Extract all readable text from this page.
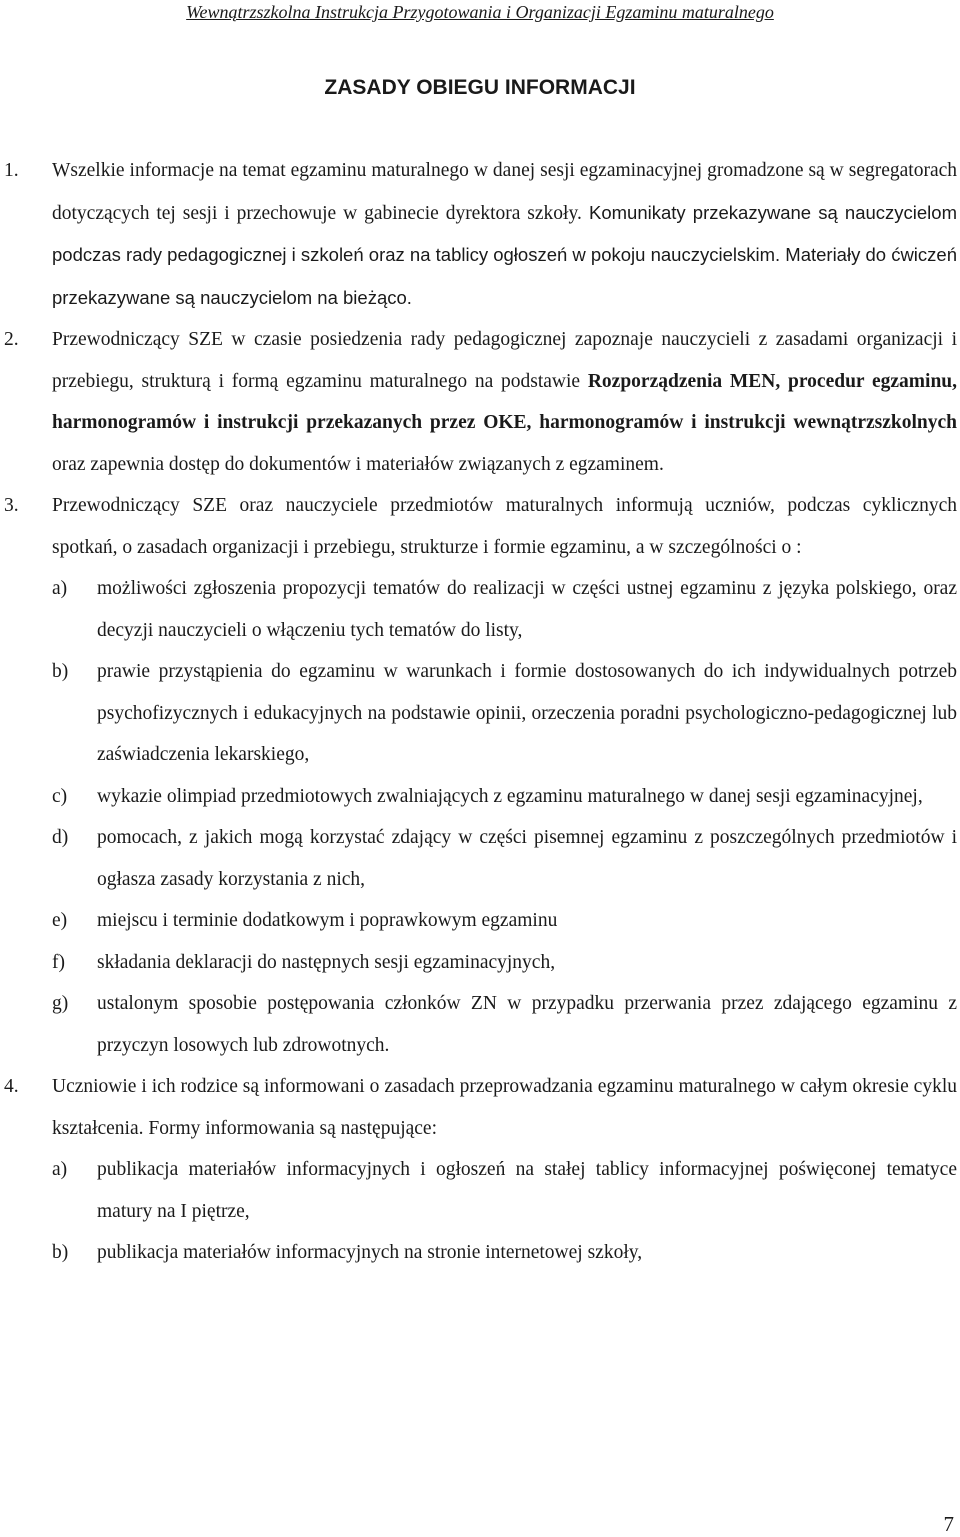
Wewnątrzszkolna Instrukcja Przygotowania i Organizacji Egzaminu maturalnego
ZASADY OBIEGU INFORMACJI
1. Wszelkie informacje na temat egzaminu maturalnego w danej sesji egzaminacyjnej gromadzone są w segregatorach dotyczących tej sesji i przechowuje w gabinecie dyrektora szkoły. Komunikaty przekazywane są nauczycielom podczas rady pedagogicznej i szkoleń oraz na tablicy ogłoszeń w pokoju nauczycielskim. Materiały do ćwiczeń przekazywane są nauczycielom na bieżąco.
2. Przewodniczący SZE w czasie posiedzenia rady pedagogicznej zapoznaje nauczycieli z zasadami organizacji i przebiegu, strukturą i formą egzaminu maturalnego na podstawie Rozporządzenia MEN, procedur egzaminu, harmonogramów i instrukcji przekazanych przez OKE, harmonogramów i instrukcji wewnątrzszkolnych oraz zapewnia dostęp do dokumentów i materiałów związanych z egzaminem.
3. Przewodniczący SZE oraz nauczyciele przedmiotów maturalnych informują uczniów, podczas cyklicznych spotkań, o zasadach organizacji i przebiegu, strukturze i formie egzaminu, a w szczególności o :
a) możliwości zgłoszenia propozycji tematów do realizacji w części ustnej egzaminu z języka polskiego, oraz decyzji nauczycieli o włączeniu tych tematów do listy,
b) prawie przystąpienia do egzaminu w warunkach i formie dostosowanych do ich indywidualnych potrzeb psychofizycznych i edukacyjnych na podstawie opinii, orzeczenia poradni psychologiczno-pedagogicznej lub zaświadczenia lekarskiego,
c) wykazie olimpiad przedmiotowych zwalniających z egzaminu maturalnego w danej sesji egzaminacyjnej,
d) pomocach, z jakich mogą korzystać zdający w części pisemnej egzaminu z poszczególnych przedmiotów i ogłasza zasady korzystania z nich,
e) miejscu i terminie dodatkowym i poprawkowym egzaminu
f) składania deklaracji do następnych sesji egzaminacyjnych,
g) ustalonym sposobie postępowania członków ZN w przypadku przerwania przez zdającego egzaminu z przyczyn losowych lub zdrowotnych.
4. Uczniowie i ich rodzice są informowani o zasadach przeprowadzania egzaminu maturalnego w całym okresie cyklu kształcenia. Formy informowania są następujące:
a) publikacja materiałów informacyjnych i ogłoszeń na stałej tablicy informacyjnej poświęconej tematyce matury na I piętrze,
b) publikacja materiałów informacyjnych na stronie internetowej szkoły,
7
